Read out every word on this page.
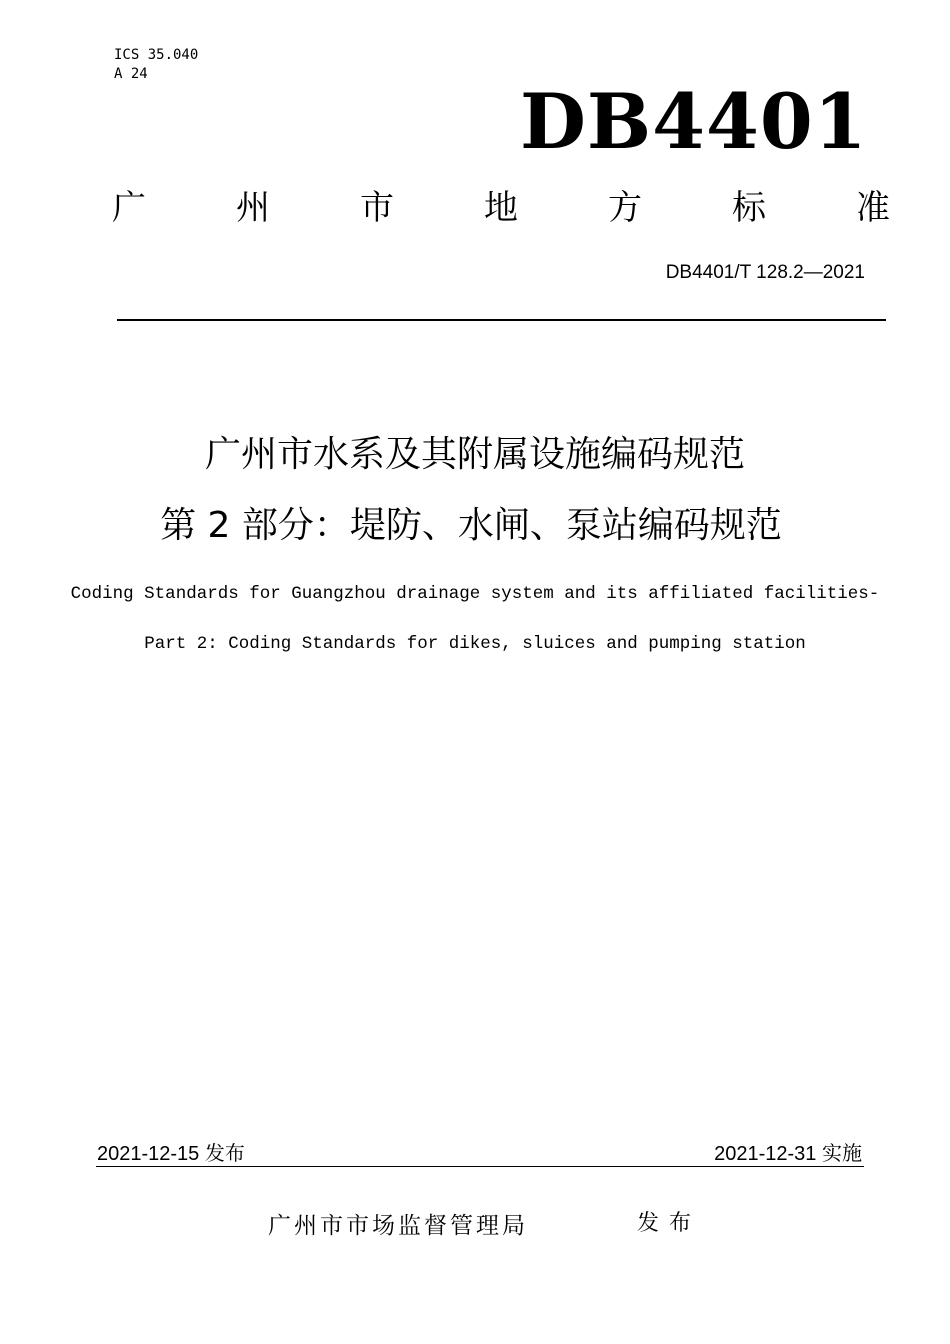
ICS 35.040
A 24
DB4401
广	州	市	地	方	标	准
DB4401/T 128.2—2021
广州市水系及其附属设施编码规范
第 2 部分：堤防、水闸、泵站编码规范
Coding Standards for Guangzhou drainage system and its affiliated facilities-
Part 2: Coding Standards for dikes, sluices and pumping station
2021-12-15 发布	2021-12-31 实施
广州市市场监督管理局	发布
